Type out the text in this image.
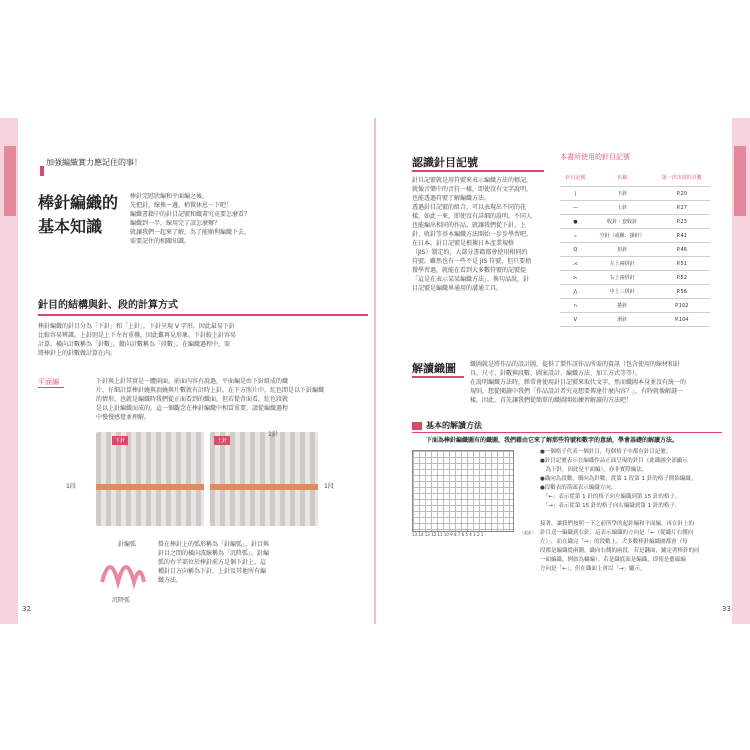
加強編織實力應記住的事！
棒針編織的
基本知識
棒針完慰狀編和平面編之後，
先把針，線換一邊，稍微休息一下吧！
編織書籍中的針目記號和織畫究竟要怎麼看？
編織到一半，線用完了該怎麼辦？
就讓我們一起來了解，為了能順利編織下去，
需要記住的相關知識。
針目的結構與針、段的計算方式
棒針編織的針目分為「下針」和「上針」。下針呈現 V 字形，因此最易下針
比較容易辨識。上針則是上下左右重疊，因此難再見形象。下針較上針容易
計算。橫向計數稱為「針數」，縱向計數稱為「段數」。在編織過程中，需
將棒針上的針數做計算在內。
平面編	下針與上針其實是一體兩面。前面內容有說過，平面編是由下針組成的織
片，仔細計算棒針繞與頂繞與片數就有計時上針。在下方照片中，紅色間是以下針編織
的情形，也就是編織時我們從正面看到的織面。但若從背面看，紅色段就
是以上針編織而成的。這一個觀念在棒針編織中相當重要，請從編織過程
中慢慢感覺並理解。
下針	上針
1針
1段	1段
針編弧
沉降弧
掛在棒針上的弧形稱為「針編弧」，針目與
針目之間的橫向波線稱為「沉降弧」。針編
弧的右半部位於棒針前方是個下針上，這
種針目方向稱為下針，上針及其他所有編
織方法。
32
認識針目記號
針目記號就是用符號來表示編織方法的標記，
就像音樂中的音符一樣，即使沒有文字說明，
也能透過符號了解編織方法。
透過針目記號的組合，可以表現出不同的花
樣，如此一來，即使沒有詳細的說明，不同人
也能編出相同的作品。就讓我們從下針、上
針、收針等基本編織方法開始一步步學習吧。
在日本，針目記號是根據日本產業規格
（JIS）制定的，大部分書籍都會使用相同的
符號。雖然也有一些不是 JIS 符號，但只要稍
微學習過，就能在看到大多數符號的記號提
「這是在表示某某編織方法」。換句話說，針
目記號是編織界通用的溝通工具。
本書所使用的針目記號
針目記號	名稱	第一次出現的頁數
|	下針	P.20
—	上針	P.27
●	收針・套收針	P.23
ℴ	空針（或稱：掛針）	P.41
Q	扭針	P.46
⋌	左上兩併針	P.51
⋋	右上兩併針	P.52
⋀	中上三併針	P.56
∩	捲針	P.102
V	滑針	P.104
解讀織圖 織圖就是將作品的設計圖，提供了製作該作品所需的資訊（包含使用的線材和針
具、尺寸、針數與段數、圖案設計、編織方法、加工方式等等）。
在說明編織方法時，經常會使用針目記號來取代文字，然而織圖本身並沒有統一的
規則，想從閱讀中我們「作品設計者究竟想要傳達什麼內容？」，有時就像解謎一
樣。因此，首先讓我們從簡單的織圖開始練習解讀的方法吧！
基本的解讀方法
下面為棒針編織圖有的織圖，我們藉由它來了解那些符號和數字的意涵，學會基礎的解讀方法。
13 14 13 12 11 10 9 8 7 6 5 4 3 2 1	（起針）
●一個格子代表一個針目，每個格子中都有針目記號。
●針目記號表示在編織作品正面呈現的針目（此織圖全部顯示
　為下針，因此是平面編），亦非實際編法。
●織向為段數，橫向為針數，從第 1 段第 1 針的格子開始編織。
●段數表的箭頭表示編織方向。
　「←」表示從第 1 針的格子向左編織到第 15 針的格子。
　「→」表示從第 15 針的格子向右編織到第 1 針的格子。
接著，讓我們按照一下之前所學的起針編和平面編，再在針上的
針目送一編織到右針，這表示編織的方向是「←（從織片右側向
左）」，而在織完「→」的段數上，大多數棒針編織圖都會（每
段都是編織從兩側，織向右側的兩段，若是翻面，鋪定著棒針的同
一面編織，例如為輪編）。若是織底面是編織，即使是藝廊編
方向是「←」，但在織面上會以「→」顯示。
33
